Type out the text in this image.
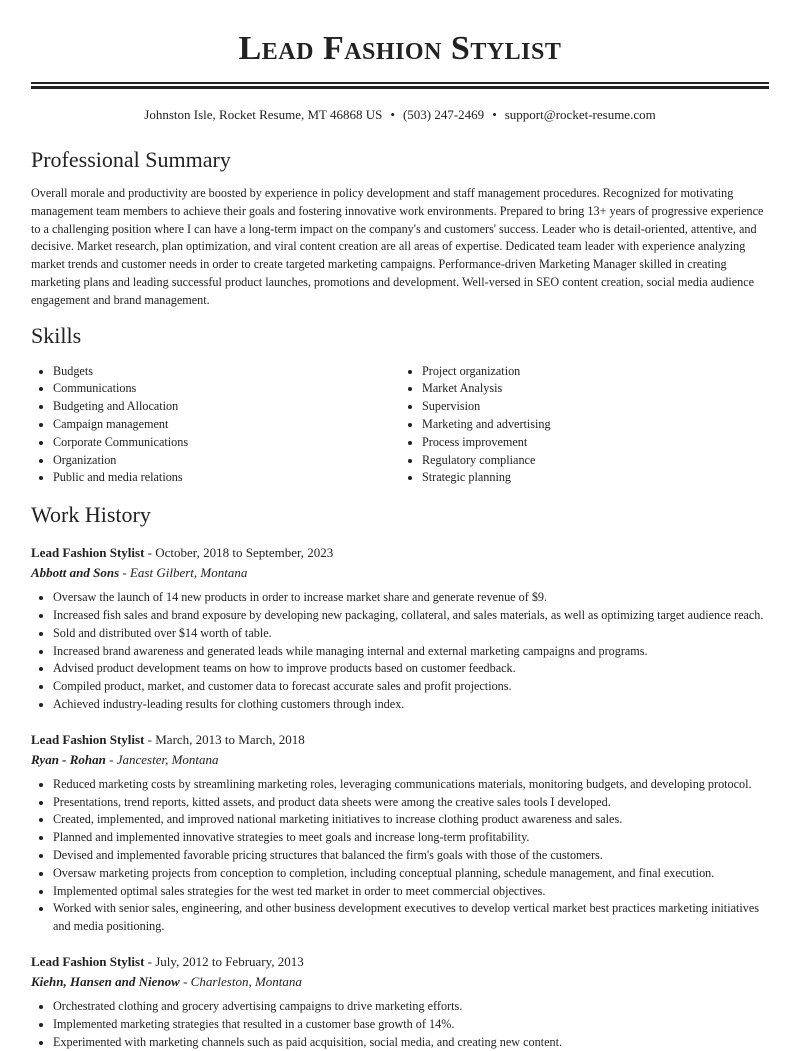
Lead Fashion Stylist
Johnston Isle, Rocket Resume, MT 46868 US • (503) 247-2469 • support@rocket-resume.com
Professional Summary
Overall morale and productivity are boosted by experience in policy development and staff management procedures. Recognized for motivating management team members to achieve their goals and fostering innovative work environments. Prepared to bring 13+ years of progressive experience to a challenging position where I can have a long-term impact on the company's and customers' success. Leader who is detail-oriented, attentive, and decisive. Market research, plan optimization, and viral content creation are all areas of expertise. Dedicated team leader with experience analyzing market trends and customer needs in order to create targeted marketing campaigns. Performance-driven Marketing Manager skilled in creating marketing plans and leading successful product launches, promotions and development. Well-versed in SEO content creation, social media audience engagement and brand management.
Skills
• Budgets
• Communications
• Budgeting and Allocation
• Campaign management
• Corporate Communications
• Organization
• Public and media relations
• Project organization
• Market Analysis
• Supervision
• Marketing and advertising
• Process improvement
• Regulatory compliance
• Strategic planning
Work History
Lead Fashion Stylist - October, 2018 to September, 2023
Abbott and Sons - East Gilbert, Montana
• Oversaw the launch of 14 new products in order to increase market share and generate revenue of $9.
• Increased fish sales and brand exposure by developing new packaging, collateral, and sales materials, as well as optimizing target audience reach.
• Sold and distributed over $14 worth of table.
• Increased brand awareness and generated leads while managing internal and external marketing campaigns and programs.
• Advised product development teams on how to improve products based on customer feedback.
• Compiled product, market, and customer data to forecast accurate sales and profit projections.
• Achieved industry-leading results for clothing customers through index.
Lead Fashion Stylist - March, 2013 to March, 2018
Ryan - Rohan - Jancester, Montana
• Reduced marketing costs by streamlining marketing roles, leveraging communications materials, monitoring budgets, and developing protocol.
• Presentations, trend reports, kitted assets, and product data sheets were among the creative sales tools I developed.
• Created, implemented, and improved national marketing initiatives to increase clothing product awareness and sales.
• Planned and implemented innovative strategies to meet goals and increase long-term profitability.
• Devised and implemented favorable pricing structures that balanced the firm's goals with those of the customers.
• Oversaw marketing projects from conception to completion, including conceptual planning, schedule management, and final execution.
• Implemented optimal sales strategies for the west ted market in order to meet commercial objectives.
• Worked with senior sales, engineering, and other business development executives to develop vertical market best practices marketing initiatives and media positioning.
Lead Fashion Stylist - July, 2012 to February, 2013
Kiehn, Hansen and Nienow - Charleston, Montana
• Orchestrated clothing and grocery advertising campaigns to drive marketing efforts.
• Implemented marketing strategies that resulted in a customer base growth of 14%.
• Experimented with marketing channels such as paid acquisition, social media, and creating new content.
